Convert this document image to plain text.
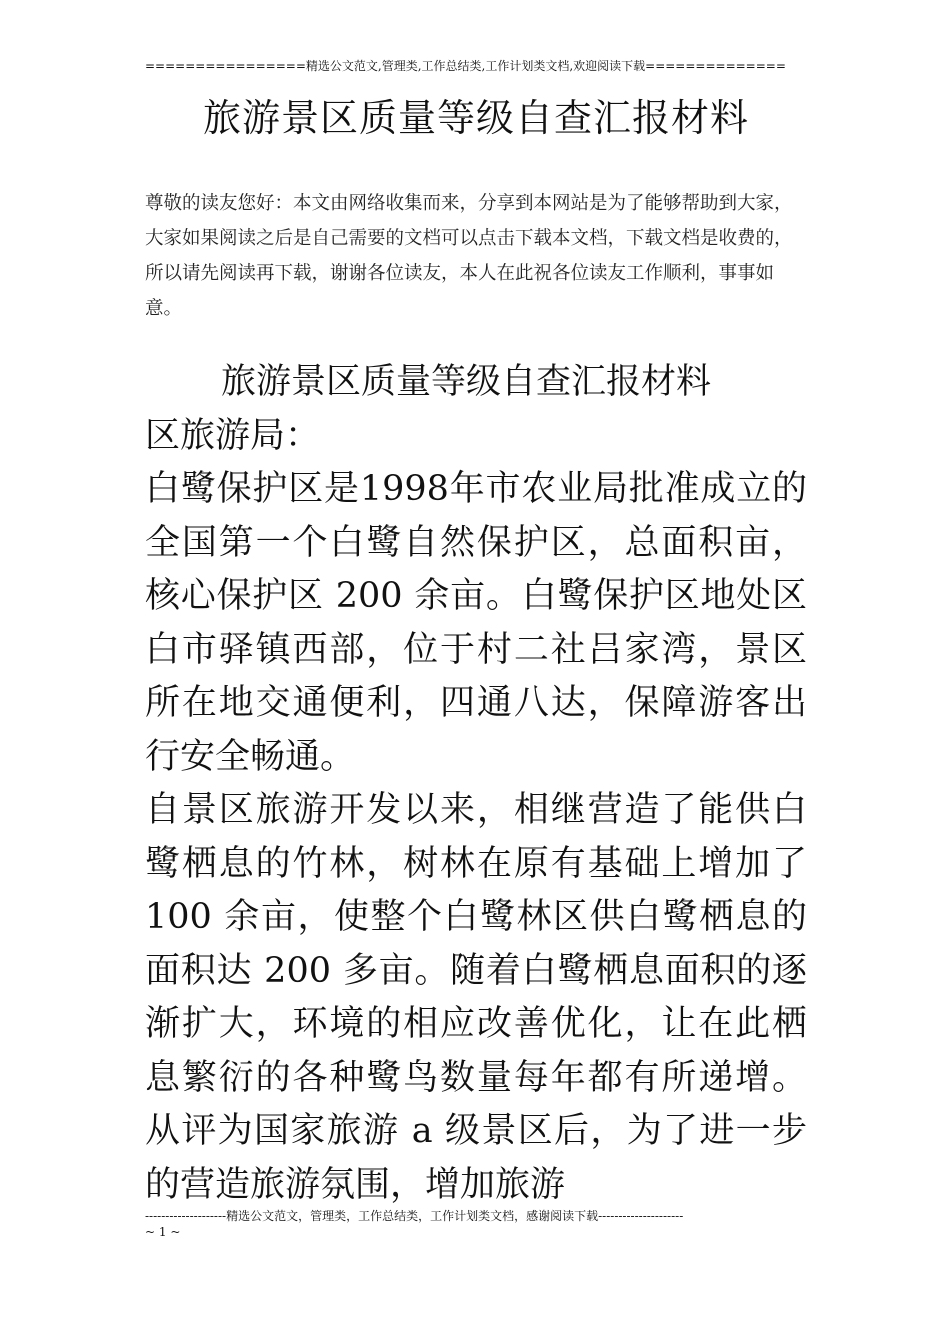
================精选公文范文,管理类,工作总结类,工作计划类文档,欢迎阅读下载==============
旅游景区质量等级自查汇报材料
尊敬的读友您好：本文由网络收集而来，分享到本网站是为了能够帮助到大家，大家如果阅读之后是自己需要的文档可以点击下载本文档，下载文档是收费的，所以请先阅读再下载，谢谢各位读友，本人在此祝各位读友工作顺利，事事如意。

旅游景区质量等级自查汇报材料

区旅游局：

白鹭保护区是1998年市农业局批准成立的全国第一个白鹭自然保护区，总面积亩，核心保护区 200 余亩。白鹭保护区地处区白市驿镇西部，位于村二社吕家湾，景区所在地交通便利，四通八达，保障游客出行安全畅通。

自景区旅游开发以来，相继营造了能供白鹭栖息的竹林，树林在原有基础上增加了 100 余亩，使整个白鹭林区供白鹭栖息的面积达 200 多亩。随着白鹭栖息面积的逐渐扩大，环境的相应改善优化，让在此栖息繁衍的各种鹭鸟数量每年都有所递增。从评为国家旅游 a 级景区后，为了进一步的营造旅游氛围，增加旅游

--------------------精选公文范文，管理类，工作总结类，工作计划类文档，感谢阅读下载---------------------
~ 1 ~
